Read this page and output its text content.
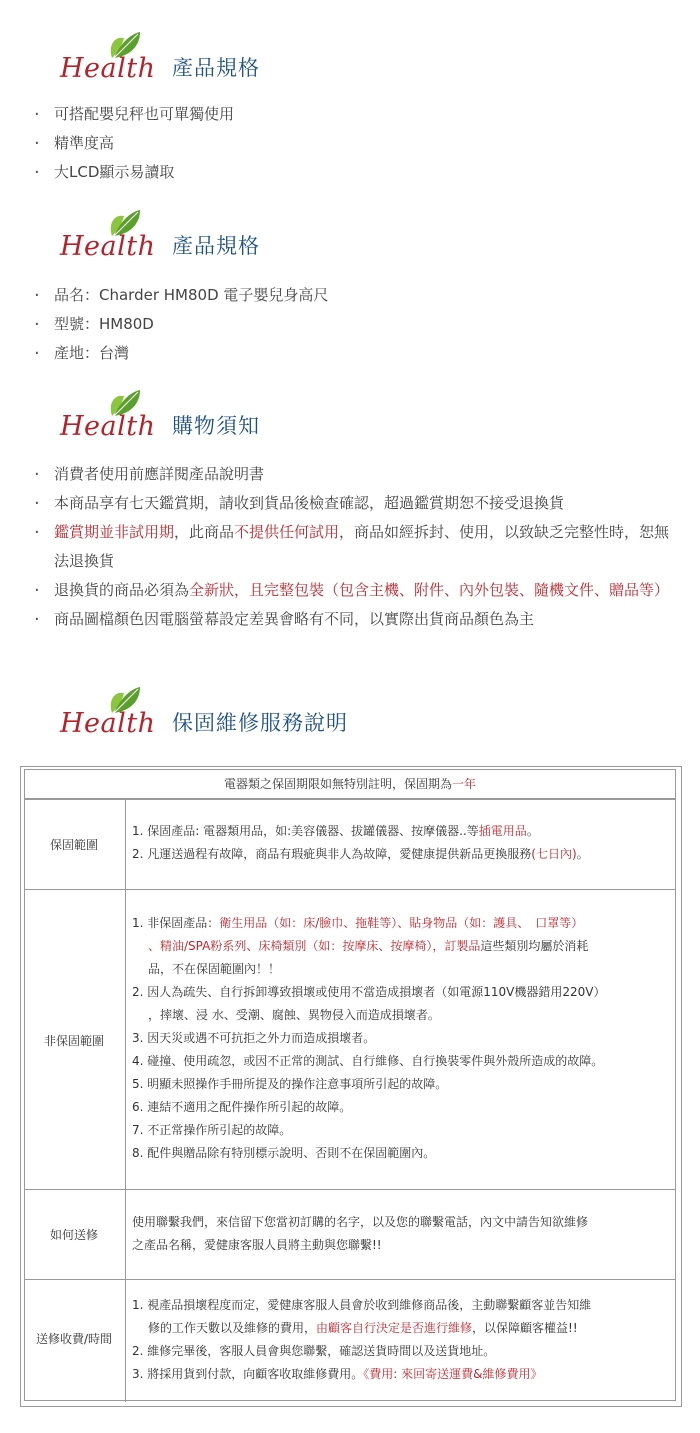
Health 產品規格
· 可搭配嬰兒秤也可單獨使用
· 精準度高
· 大LCD顯示易讀取
Health 產品規格
· 品名：Charder HM80D 電子嬰兒身高尺
· 型號：HM80D
· 產地：台灣
Health 購物須知
· 消費者使用前應詳閱產品說明書
· 本商品享有七天鑑賞期，請收到貨品後檢查確認，超過鑑賞期恕不接受退換貨
· 鑑賞期並非試用期，此商品不提供任何試用，商品如經拆封、使用，以致缺乏完整性時，恕無法退換貨
· 退換貨的商品必須為全新狀，且完整包裝（包含主機、附件、內外包裝、隨機文件、贈品等）
· 商品圖檔顏色因電腦螢幕設定差異會略有不同，以實際出貨商品顏色為主
Health 保固維修服務說明
電器類之保固期限如無特別註明，保固期為一年
保固範圍
1. 保固產品: 電器類用品，如:美容儀器、拔罐儀器、按摩儀器..等插電用品。
2. 凡運送過程有故障，商品有瑕疵與非人為故障，愛健康提供新品更換服務(七日內)。
非保固範圍
1. 非保固產品：衛生用品（如：床/臉巾、拖鞋等）、貼身物品（如：護具、　口罩等）
、精油/SPA粉系列、床椅類別（如：按摩床、按摩椅），訂製品這些類別均屬於消耗
品，不在保固範圍內！！
2. 因人為疏失、自行拆卸導致損壞或使用不當造成損壞者（如電源110V機器錯用220V）
，摔壞、浸 水、受潮、腐蝕、異物侵入而造成損壞者。
3. 因天災或遇不可抗拒之外力而造成損壞者。
4. 碰撞、使用疏忽，或因不正常的測試、自行維修、自行換裝零件與外殼所造成的故障。
5. 明顯未照操作手冊所提及的操作注意事項所引起的故障。
6. 連結不適用之配件操作所引起的故障。
7. 不正常操作所引起的故障。
8. 配件與贈品除有特別標示說明、否則不在保固範圍內。
如何送修
使用聯繫我們，來信留下您當初訂購的名字，以及您的聯繫電話，內文中請告知欲維修
之產品名稱，愛健康客服人員將主動與您聯繫!!
送修收費/時間
1. 視產品損壞程度而定，愛健康客服人員會於收到維修商品後，主動聯繫顧客並告知維
修的工作天數以及維修的費用，由顧客自行決定是否進行維修，以保障顧客權益!!
2. 維修完畢後，客服人員會與您聯繫，確認送貨時間以及送貨地址。
3. 將採用貨到付款，向顧客收取維修費用。《費用: 來回寄送運費&維修費用》
